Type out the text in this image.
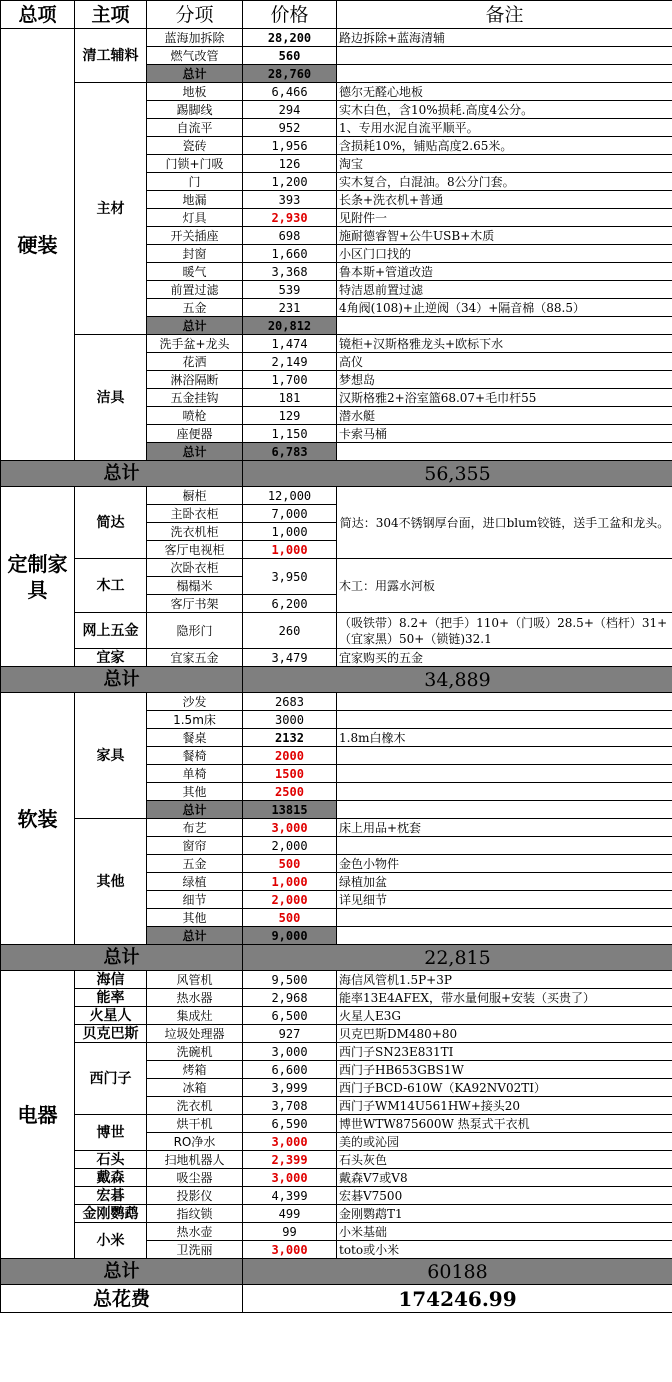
总项	主项	分项	价格	备注
硬装	清工辅料	蓝海加拆除	28,200	路边拆除+蓝海清辅
		燃气改管	560	
		总计	28,760	
	主材	地板	6,466	德尔无醛心地板
		踢脚线	294	实木白色，含10%损耗.高度4公分。
		自流平	952	1、专用水泥自流平顺平。
		瓷砖	1,956	含损耗10%，铺贴高度2.65米。
		门锁+门吸	126	淘宝
		门	1,200	实木复合，白混油。8公分门套。
		地漏	393	长条+洗衣机+普通
		灯具	2,930	见附件一
		开关插座	698	施耐德睿智+公牛USB+木质
		封窗	1,660	小区门口找的
		暖气	3,368	鲁本斯+管道改造
		前置过滤	539	特洁恩前置过滤
		五金	231	4角阀(108)+止逆阀（34）+隔音棉（88.5）
		总计	20,812	
	洁具	洗手盆+龙头	1,474	镜柜+汉斯格雅龙头+欧标下水
		花洒	2,149	高仪
		淋浴隔断	1,700	梦想岛
		五金挂钩	181	汉斯格雅2+浴室篮68.07+毛巾杆55
		喷枪	129	潜水艇
		座便器	1,150	卡索马桶
		总计	6,783	
总计			56,355	
定制家具	简达	橱柜	12,000	简达：304不锈钢厚台面，进口blum铰链，送手工盆和龙头。
		主卧衣柜	7,000	
		洗衣机柜	1,000	
		客厅电视柜	1,000	
	木工	次卧衣柜	3,950	木工：用露水河板
		榻榻米		
		客厅书架	6,200	
	网上五金	隐形门	260	（吸铁带）8.2+（把手）110+（门吸）28.5+（档杆）31+（宜家黑）50+（锁链)32.1
	宜家	宜家五金	3,479	宜家购买的五金
总计			34,889	
软装	家具	沙发	2683	
		1.5m床	3000	
		餐桌	2132	1.8m白橡木
		餐椅	2000	
		单椅	1500	
		其他	2500	
		总计	13815	
	其他	布艺	3,000	床上用品+枕套
		窗帘	2,000	
		五金	500	金色小物件
		绿植	1,000	绿植加盆
		细节	2,000	详见细节
		其他	500	
		总计	9,000	
总计			22,815	
电器	海信	风管机	9,500	海信风管机1.5P+3P
	能率	热水器	2,968	能率13E4AFEX，带水量伺服+安装（买贵了）
	火星人	集成灶	6,500	火星人E3G
	贝克巴斯	垃圾处理器	927	贝克巴斯DM480+80
	西门子	洗碗机	3,000	西门子SN23E831TI
		烤箱	6,600	西门子HB653GBS1W
		冰箱	3,999	西门子BCD-610W（KA92NV02TI）
		洗衣机	3,708	西门子WM14U561HW+接头20
	博世	烘干机	6,590	博世WTW875600W 热泵式干衣机
		RO净水	3,000	美的或沁园
	石头	扫地机器人	2,399	石头灰色
	戴森	吸尘器	3,000	戴森V7或V8
	宏碁	投影仪	4,399	宏碁V7500
	金刚鹦鹉	指纹锁	499	金刚鹦鹉T1
	小米	热水壶	99	小米基础
		卫洗丽	3,000	toto或小米
总计			60188	
总花费			174246.99	
